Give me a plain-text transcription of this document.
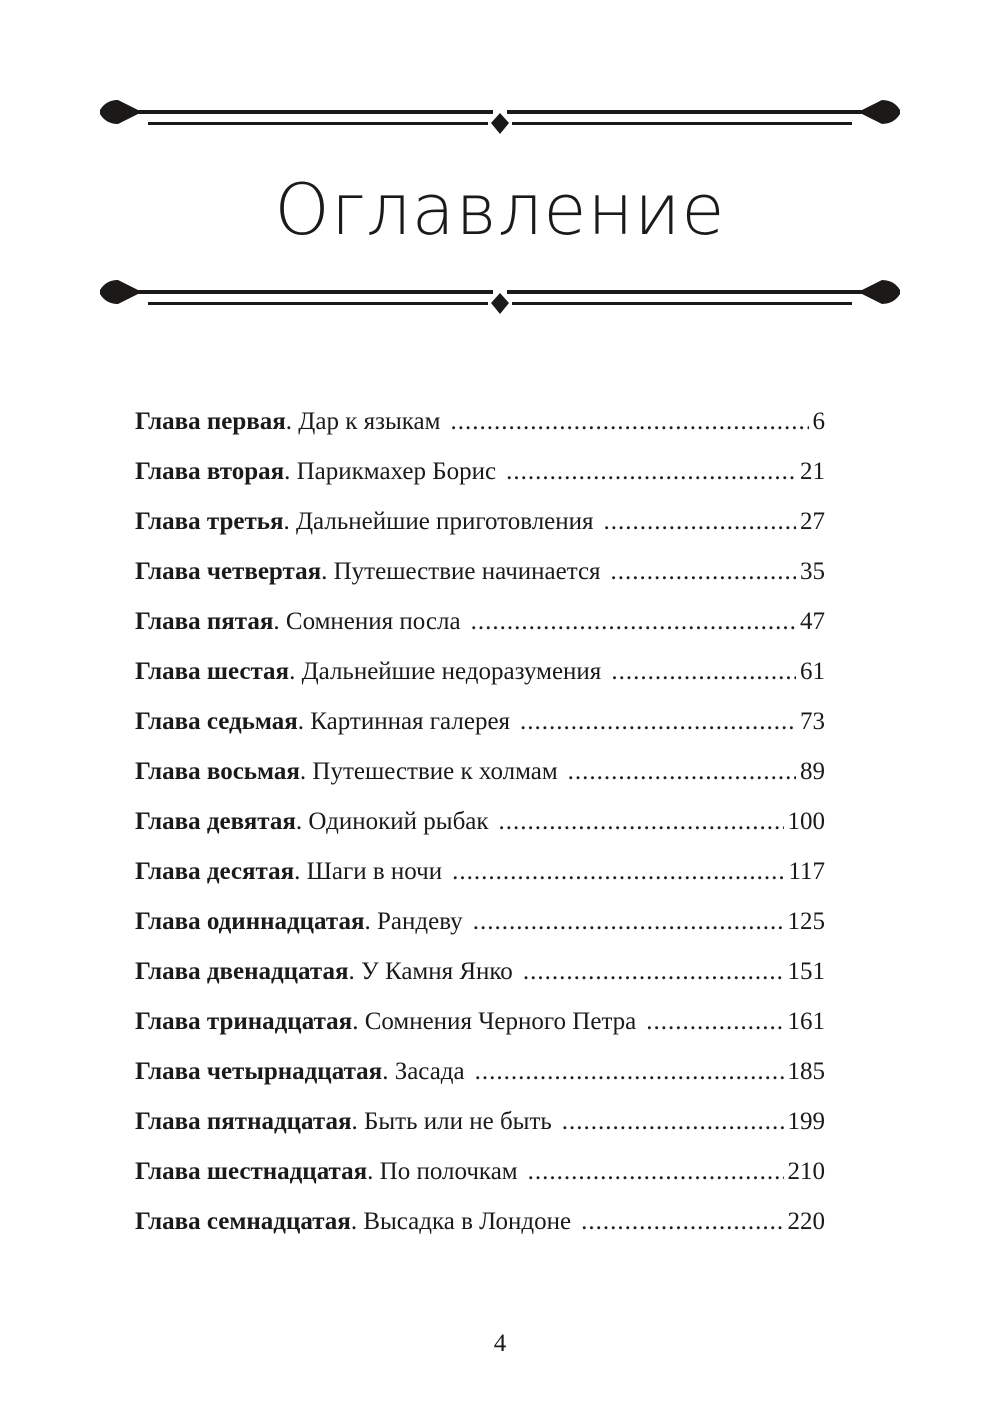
Оглавление
Глава первая . Дар к языкам .....	6
Глава вторая . Парикмахер Борис .....	21
Глава третья . Дальнейшие приготовления .....	27
Глава четвертая . Путешествие начинается .....	35
Глава пятая . Сомнения посла .....	47
Глава шестая . Дальнейшие недоразумения .....	61
Глава седьмая . Картинная галерея .....	73
Глава восьмая . Путешествие к холмам .....	89
Глава девятая . Одинокий рыбак .....	100
Глава десятая . Шаги в ночи .....	117
Глава одиннадцатая . Рандеву .....	125
Глава двенадцатая . У Камня Янко .....	151
Глава тринадцатая . Сомнения Черного Петра .....	161
Глава четырнадцатая . Засада .....	185
Глава пятнадцатая . Быть или не быть .....	199
Глава шестнадцатая . По полочкам .....	210
Глава семнадцатая . Высадка в Лондоне .....	220
4
